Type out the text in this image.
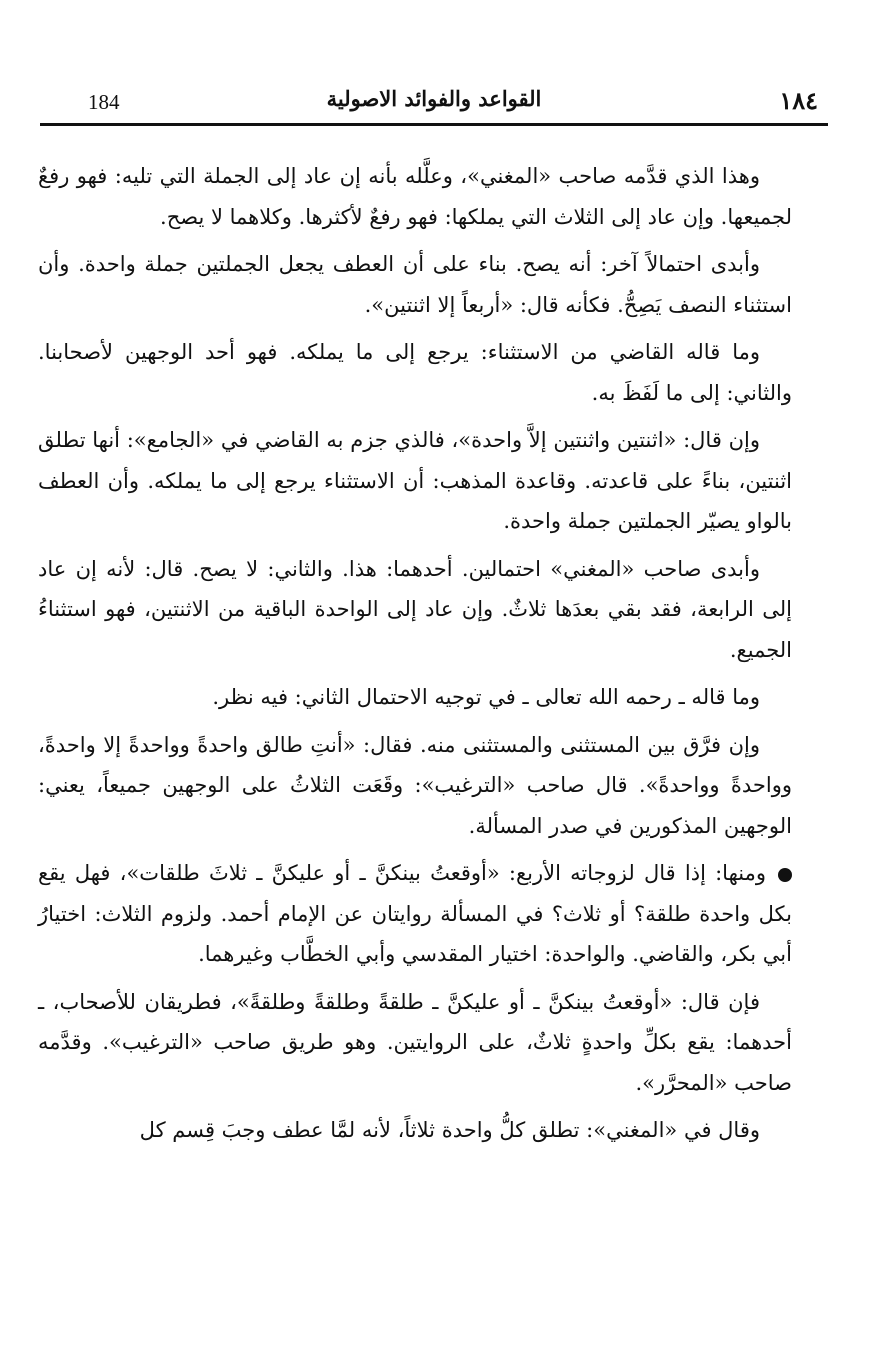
184	القواعد والفوائد الاصولية	١٨٤

وهذا الذي قدَّمه صاحب «المغني»، وعلَّله بأنه إن عاد إلى الجملة التي تليه: فهو رفعٌ لجميعها. وإن عاد إلى الثلاث التي يملكها: فهو رفعٌ لأكثرها. وكلاهما لا يصح.

وأبدى احتمالاً آخر: أنه يصح. بناء على أن العطف يجعل الجملتين جملة واحدة. وأن استثناء النصف يَصِحُّ. فكأنه قال: «أربعاً إلا اثنتين».

وما قاله القاضي من الاستثناء: يرجع إلى ما يملكه. فهو أحد الوجهين لأصحابنا. والثاني: إلى ما لَفَظَ به.

وإن قال: «اثنتين واثنتين إلاَّ واحدة»، فالذي جزم به القاضي في «الجامع»: أنها تطلق اثنتين، بناءً على قاعدته. وقاعدة المذهب: أن الاستثناء يرجع إلى ما يملكه. وأن العطف بالواو يصيّر الجملتين جملة واحدة.

وأبدى صاحب «المغني» احتمالين. أحدهما: هذا. والثاني: لا يصح. قال: لأنه إن عاد إلى الرابعة، فقد بقي بعدَها ثلاثٌ. وإن عاد إلى الواحدة الباقية من الاثنتين، فهو استثناءُ الجميع.

وما قاله ـ رحمه الله تعالى ـ في توجيه الاحتمال الثاني: فيه نظر.

وإن فرَّق بين المستثنى والمستثنى منه. فقال: «أنتِ طالق واحدةً وواحدةً إلا واحدةً، وواحدةً وواحدةً». قال صاحب «الترغيب»: وقَعَت الثلاثُ على الوجهين جميعاً، يعني: الوجهين المذكورين في صدر المسألة.

ومنها: إذا قال لزوجاته الأربع: «أوقعتُ بينكنَّ ـ أو عليكنَّ ـ ثلاثَ طلقات»، فهل يقع بكل واحدة طلقة؟ أو ثلاث؟ في المسألة روايتان عن الإمام أحمد. ولزوم الثلاث: اختيارُ أبي بكر، والقاضي. والواحدة: اختيار المقدسي وأبي الخطَّاب وغيرهما.

فإن قال: «أوقعتُ بينكنَّ ـ أو عليكنَّ ـ طلقةً وطلقةً وطلقةً»، فطريقان للأصحاب، ـ أحدهما: يقع بكلِّ واحدةٍ ثلاثٌ، على الروايتين. وهو طريق صاحب «الترغيب». وقدَّمه صاحب «المحرَّر».

وقال في «المغني»: تطلق كلُّ واحدة ثلاثاً، لأنه لمَّا عطف وجبَ قِسم كل
